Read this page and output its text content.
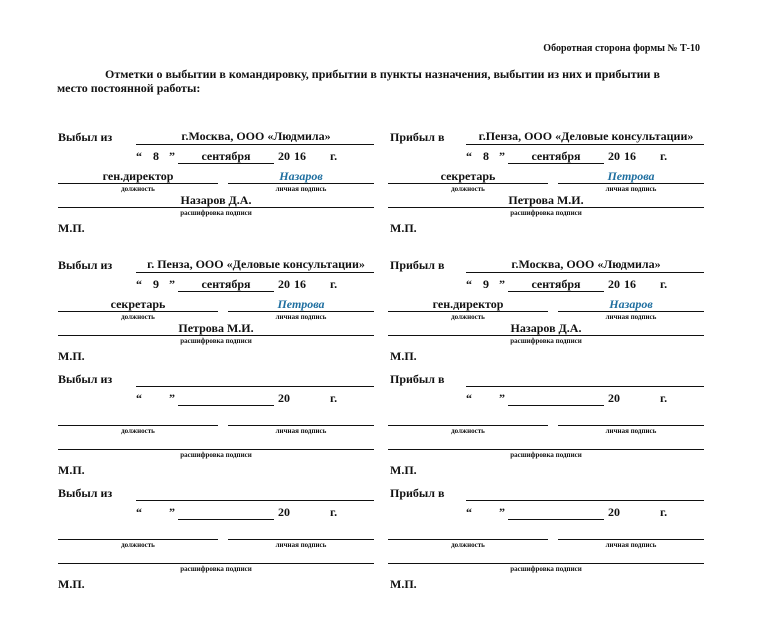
Оборотная сторона формы № Т-10
Отметки о выбытии в командировку, прибытии в пункты назначения, выбытии из них и прибытии в
место постоянной работы:
Выбыл из	г.Москва, ООО «Людмила»
“ 8 ”	сентября	20 16 г.
ген.директор
должность
Назаров
личная подпись
Назаров Д.А.
расшифровка подписи
М.П.
Прибыл в	г.Пенза, ООО «Деловые консультации»
“ 8 ”	сентября	20 16 г.
секретарь
должность
Петрова
личная подпись
Петрова М.И.
расшифровка подписи
М.П.
Выбыл из	г. Пенза, ООО «Деловые консультации»
“ 9 ”	сентября	20 16 г.
секретарь
должность
Петрова
личная подпись
Петрова М.И.
расшифровка подписи
М.П.
Прибыл в	г.Москва, ООО «Людмила»
“ 9 ”	сентября	20 16 г.
ген.директор
должность
Назаров
личная подпись
Назаров Д.А.
расшифровка подписи
М.П.
Выбыл из
“ ”	20	г.
должность	личная подпись
расшифровка подписи
М.П.
Прибыл в
“ ”	20	г.
должность	личная подпись
расшифровка подписи
М.П.
Выбыл из
“ ”	20	г.
должность	личная подпись
расшифровка подписи
М.П.
Прибыл в
“ ”	20	г.
должность	личная подпись
расшифровка подписи
М.П.
